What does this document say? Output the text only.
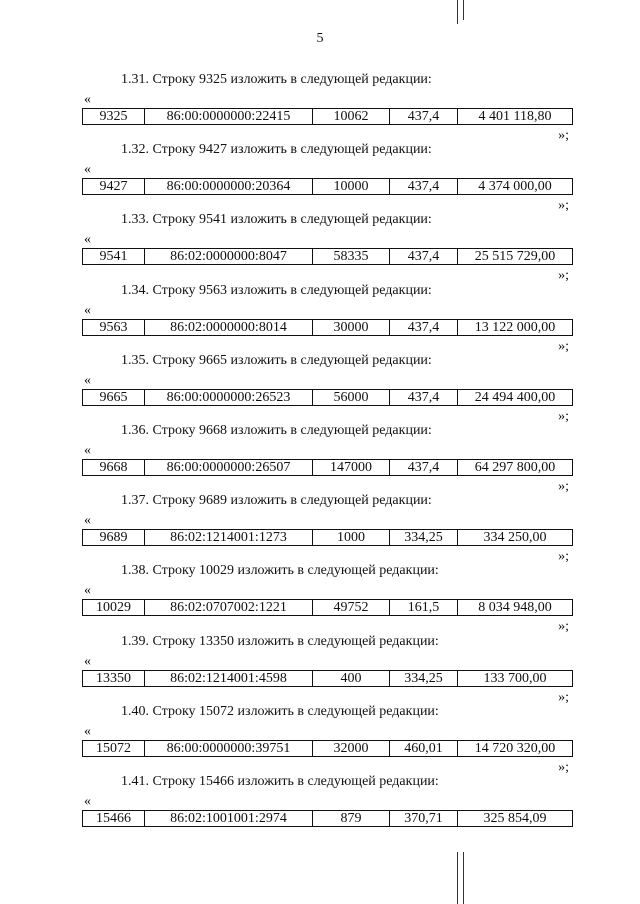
5
1.31. Строку 9325 изложить в следующей редакции:
«
9325	86:00:0000000:22415	10062	437,4	4 401 118,80
»;
1.32. Строку 9427 изложить в следующей редакции:
«
9427	86:00:0000000:20364	10000	437,4	4 374 000,00
»;
1.33. Строку 9541 изложить в следующей редакции:
«
9541	86:02:0000000:8047	58335	437,4	25 515 729,00
»;
1.34. Строку 9563 изложить в следующей редакции:
«
9563	86:02:0000000:8014	30000	437,4	13 122 000,00
»;
1.35. Строку 9665 изложить в следующей редакции:
«
9665	86:00:0000000:26523	56000	437,4	24 494 400,00
»;
1.36. Строку 9668 изложить в следующей редакции:
«
9668	86:00:0000000:26507	147000	437,4	64 297 800,00
»;
1.37. Строку 9689 изложить в следующей редакции:
«
9689	86:02:1214001:1273	1000	334,25	334 250,00
»;
1.38. Строку 10029 изложить в следующей редакции:
«
10029	86:02:0707002:1221	49752	161,5	8 034 948,00
»;
1.39. Строку 13350 изложить в следующей редакции:
«
13350	86:02:1214001:4598	400	334,25	133 700,00
»;
1.40. Строку 15072 изложить в следующей редакции:
«
15072	86:00:0000000:39751	32000	460,01	14 720 320,00
»;
1.41. Строку 15466 изложить в следующей редакции:
«
15466	86:02:1001001:2974	879	370,71	325 854,09
